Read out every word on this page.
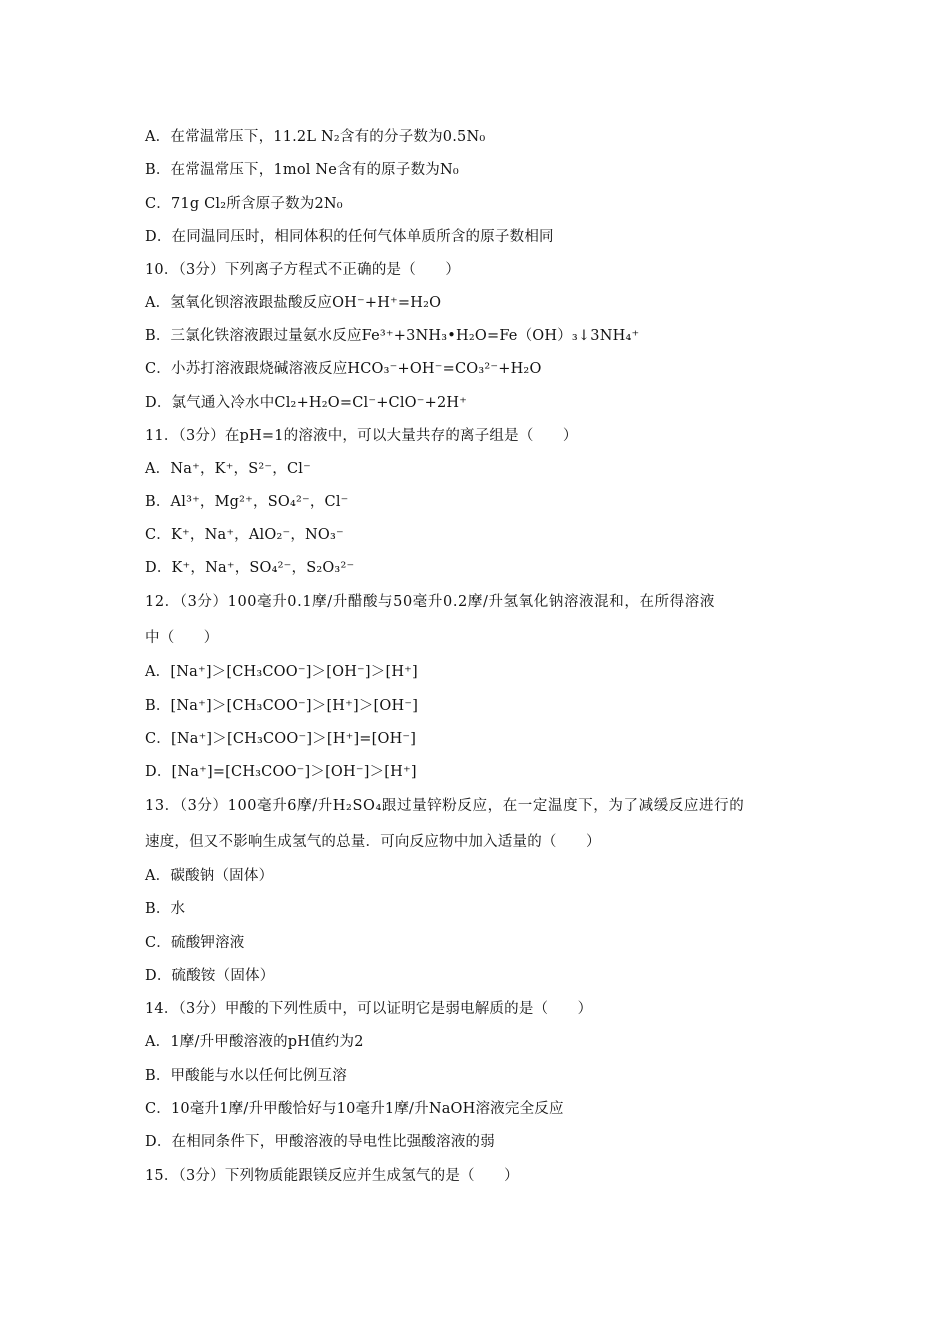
A．在常温常压下，11.2L N₂含有的分子数为0.5N₀
B．在常温常压下，1mol Ne含有的原子数为N₀
C．71g Cl₂所含原子数为2N₀
D．在同温同压时，相同体积的任何气体单质所含的原子数相同
10．（3分）下列离子方程式不正确的是（　　）
A．氢氧化钡溶液跟盐酸反应OH⁻+H⁺=H₂O
B．三氯化铁溶液跟过量氨水反应Fe³⁺+3NH₃•H₂O=Fe（OH）₃↓3NH₄⁺
C．小苏打溶液跟烧碱溶液反应HCO₃⁻+OH⁻=CO₃²⁻+H₂O
D．氯气通入冷水中Cl₂+H₂O=Cl⁻+ClO⁻+2H⁺
11．（3分）在pH=1的溶液中，可以大量共存的离子组是（　　）
A．Na⁺，K⁺，S²⁻，Cl⁻
B．Al³⁺，Mg²⁺，SO₄²⁻，Cl⁻
C．K⁺，Na⁺，AlO₂⁻，NO₃⁻
D．K⁺，Na⁺，SO₄²⁻，S₂O₃²⁻
12．（3分）100毫升0.1摩/升醋酸与50毫升0.2摩/升氢氧化钠溶液混和，在所得溶液
中（　　）
A．[Na⁺]＞[CH₃COO⁻]＞[OH⁻]＞[H⁺]
B．[Na⁺]＞[CH₃COO⁻]＞[H⁺]＞[OH⁻]
C．[Na⁺]＞[CH₃COO⁻]＞[H⁺]=[OH⁻]
D．[Na⁺]=[CH₃COO⁻]＞[OH⁻]＞[H⁺]
13．（3分）100毫升6摩/升H₂SO₄跟过量锌粉反应，在一定温度下，为了减缓反应进行的
速度，但又不影响生成氢气的总量．可向反应物中加入适量的（　　）
A．碳酸钠（固体）
B．水
C．硫酸钾溶液
D．硫酸铵（固体）
14．（3分）甲酸的下列性质中，可以证明它是弱电解质的是（　　）
A．1摩/升甲酸溶液的pH值约为2
B．甲酸能与水以任何比例互溶
C．10毫升1摩/升甲酸恰好与10毫升1摩/升NaOH溶液完全反应
D．在相同条件下，甲酸溶液的导电性比强酸溶液的弱
15．（3分）下列物质能跟镁反应并生成氢气的是（　　）
